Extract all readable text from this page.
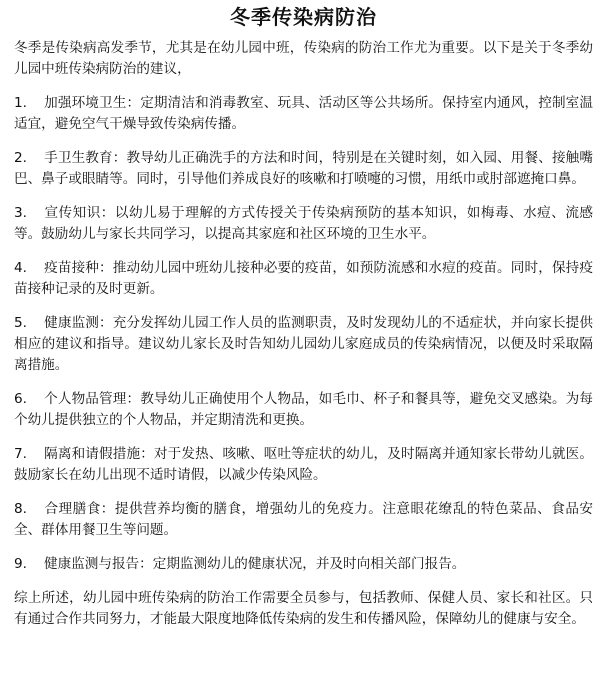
冬季传染病防治

冬季是传染病高发季节，尤其是在幼儿园中班，传染病的防治工作尤为重要。以下是关于冬季幼儿园中班传染病防治的建议，

1. 加强环境卫生：定期清洁和消毒教室、玩具、活动区等公共场所。保持室内通风，控制室温适宜，避免空气干燥导致传染病传播。

2. 手卫生教育：教导幼儿正确洗手的方法和时间，特别是在关键时刻，如入园、用餐、接触嘴巴、鼻子或眼睛等。同时，引导他们养成良好的咳嗽和打喷嚏的习惯，用纸巾或肘部遮掩口鼻。

3. 宣传知识：以幼儿易于理解的方式传授关于传染病预防的基本知识，如梅毒、水痘、流感等。鼓励幼儿与家长共同学习，以提高其家庭和社区环境的卫生水平。

4. 疫苗接种：推动幼儿园中班幼儿接种必要的疫苗，如预防流感和水痘的疫苗。同时，保持疫苗接种记录的及时更新。

5. 健康监测：充分发挥幼儿园工作人员的监测职责，及时发现幼儿的不适症状，并向家长提供相应的建议和指导。建议幼儿家长及时告知幼儿园幼儿家庭成员的传染病情况，以便及时采取隔离措施。

6. 个人物品管理：教导幼儿正确使用个人物品，如毛巾、杯子和餐具等，避免交叉感染。为每个幼儿提供独立的个人物品，并定期清洗和更换。

7. 隔离和请假措施：对于发热、咳嗽、呕吐等症状的幼儿，及时隔离并通知家长带幼儿就医。鼓励家长在幼儿出现不适时请假，以减少传染风险。

8. 合理膳食：提供营养均衡的膳食，增强幼儿的免疫力。注意眼花缭乱的特色菜品、食品安全、群体用餐卫生等问题。

9. 健康监测与报告：定期监测幼儿的健康状况，并及时向相关部门报告。

综上所述，幼儿园中班传染病的防治工作需要全员参与，包括教师、保健人员、家长和社区。只有通过合作共同努力，才能最大限度地降低传染病的发生和传播风险，保障幼儿的健康与安全。
